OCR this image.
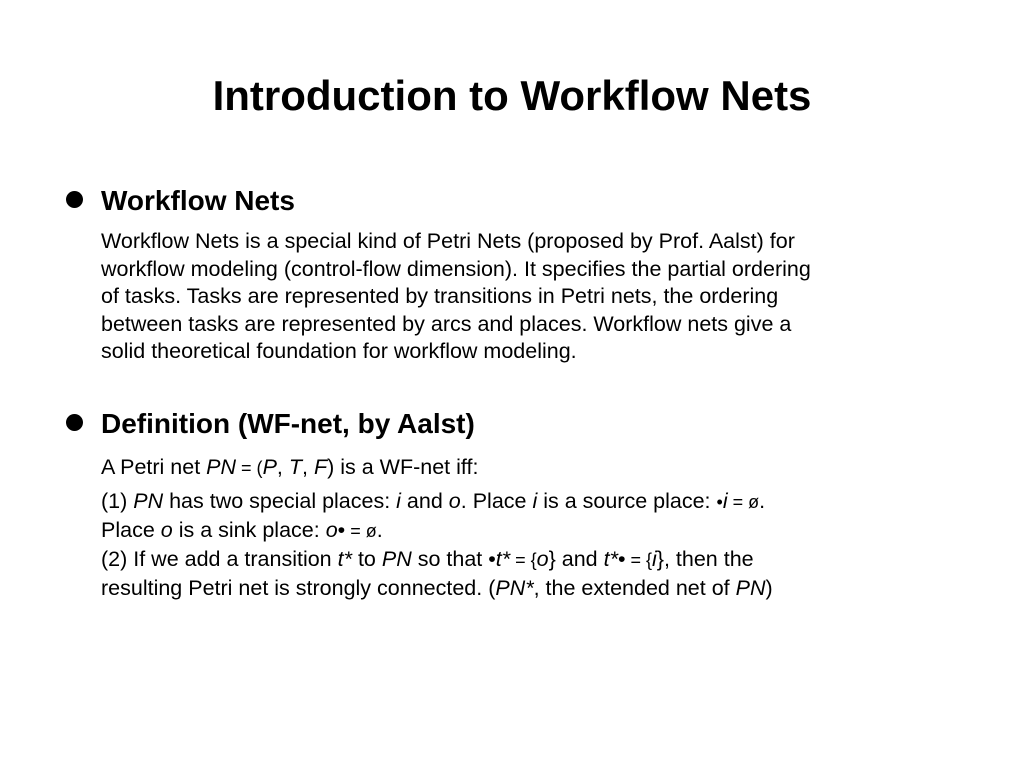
Introduction to Workflow Nets
Workflow Nets

Workflow Nets is a special kind of Petri Nets (proposed by Prof. Aalst) for
workflow modeling (control-flow dimension). It specifies the partial ordering
of tasks. Tasks are represented by transitions in Petri nets, the ordering
between tasks are represented by arcs and places. Workflow nets give a
solid theoretical foundation for workflow modeling.

Definition (WF-net, by Aalst)

A Petri net PN = (P, T, F) is a WF-net iff:

(1) PN has two special places: i and o. Place i is a source place: •i = ø.
Place o is a sink place: o• = ø.

(2) If we add a transition t* to PN so that •t* = {o} and t*• = {i}, then the
resulting Petri net is strongly connected. (PN*, the extended net of PN)
